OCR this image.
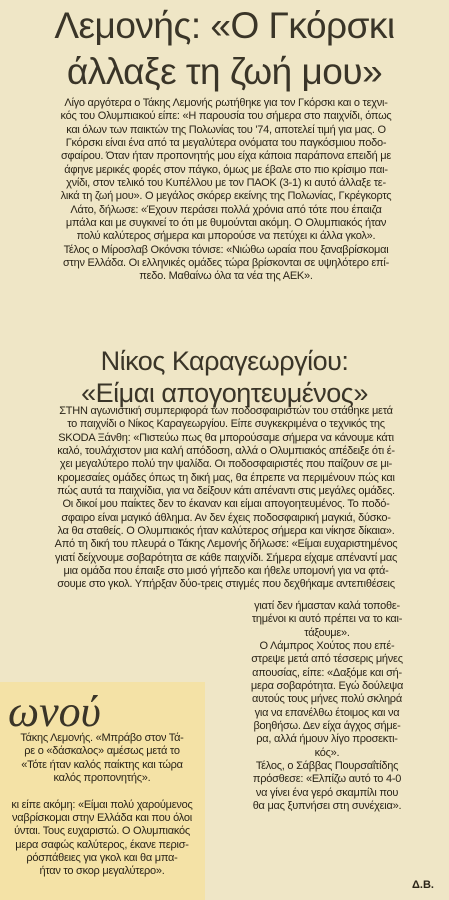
Λεμονής: «Ο Γκόρσκι
άλλαξε τη ζωή μου»
Λίγο αργότερα ο Τάκης Λεμονής ρωτήθηκε για τον Γκόρσκι και ο τεχνι-
κός του Ολυμπιακού είπε: «Η παρουσία του σήμερα στο παιχνίδι, όπως
και όλων των παικτών της Πολωνίας του '74, αποτελεί τιμή για μας. Ο
Γκόρσκι είναι ένα από τα μεγαλύτερα ονόματα του παγκόσμιου ποδο-
σφαίρου. Όταν ήταν προπονητής μου είχα κάποια παράπονα επειδή με
άφηνε μερικές φορές στον πάγκο, όμως με έβαλε στο πιο κρίσιμο παι-
χνίδι, στον τελικό του Κυπέλλου με τον ΠΑΟΚ (3-1) κι αυτό άλλαξε τε-
λικά τη ζωή μου». Ο μεγάλος σκόρερ εκείνης της Πολωνίας, Γκρέγκορτς
Λάτο, δήλωσε: «Έχουν περάσει πολλά χρόνια από τότε που έπαιζα
μπάλα και με συγκινεί το ότι με θυμούνται ακόμη. Ο Ολυμπιακός ήταν
πολύ καλύτερος σήμερα και μπορούσε να πετύχει κι άλλα γκολ».
Τέλος ο Μίροσλαβ Οκόνσκι τόνισε: «Νιώθω ωραία που ξαναβρίσκομαι
στην Ελλάδα. Οι ελληνικές ομάδες τώρα βρίσκονται σε υψηλότερο επί-
πεδο. Μαθαίνω όλα τα νέα της ΑΕΚ».
Νίκος Καραγεωργίου:
«Είμαι απογοητευμένος»
ΣΤΗΝ αγωνιστική συμπεριφορά των ποδοσφαιριστών του στάθηκε μετά
το παιχνίδι ο Νίκος Καραγεωργίου. Είπε συγκεκριμένα ο τεχνικός της
SKODA Ξάνθη: «Πιστεύω πως θα μπορούσαμε σήμερα να κάνουμε κάτι
καλό, τουλάχιστον μια καλή απόδοση, αλλά ο Ολυμπιακός απέδειξε ότι έ-
χει μεγαλύτερο πολύ την ψαλίδα. Οι ποδοσφαιριστές που παίζουν σε μι-
κρομεσαίες ομάδες όπως τη δική μας, θα έπρεπε να περιμένουν πώς και
πώς αυτά τα παιχνίδια, για να δείξουν κάτι απέναντι στις μεγάλες ομάδες.
Οι δικοί μου παίκτες δεν το έκαναν και είμαι απογοητευμένος. Το ποδό-
σφαιρο είναι μαγικό άθλημα. Αν δεν έχεις ποδοσφαιρική μαγκιά, δύσκο-
λα θα σταθείς. Ο Ολυμπιακός ήταν καλύτερος σήμερα και νίκησε δίκαια».
Από τη δική του πλευρά ο Τάκης Λεμονής δήλωσε: «Είμαι ευχαριστημένος
γιατί δείχνουμε σοβαρότητα σε κάθε παιχνίδι. Σήμερα είχαμε απέναντί μας
μια ομάδα που έπαιξε στο μισό γήπεδο και ήθελε υπομονή για να φτά-
σουμε στο γκολ. Υπήρξαν δύο-τρεις στιγμές που δεχθήκαμε αντεπιθέσεις
γιατί δεν ήμασταν καλά τοποθε-
τημένοι κι αυτό πρέπει να το και-
τάξουμε».
Ο Λάμπρος Χούτος που επέ-
στρεψε μετά από τέσσερις μήνες
απουσίας, είπε: «Δαξόμε και σή-
μερα σοβαρότητα. Εγώ δούλεψα
αυτούς τους μήνες πολύ σκληρά
για να επανέλθω έτοιμος και να
βοηθήσω. Δεν είχα άγχος σήμε-
ρα, αλλά ήμουν λίγο προσεκτι-
κός».
Τέλος, ο Σάββας Πουρσαΐτίδης
πρόσθεσε: «Ελπίζω αυτό το 4-0
να γίνει ένα γερό σκαμπίλι που
θα μας ξυπνήσει στη συνέχεια».
ωνού
Τάκης Λεμονής. «Μπράβο στον Τά-
ρε ο «δάσκαλος» αμέσως μετά το
«Τότε ήταν καλός παίκτης και τώρα
καλός προπονητής».
κι είπε ακόμη: «Είμαι πολύ χαρούμενος
ναβρίσκομαι στην Ελλάδα και που όλοι
ύνται. Τους ευχαριστώ. Ο Ολυμπιακός
μερα σαφώς καλύτερος, έκανε περισ-
ρόσπάθειες για γκολ και θα μπα-
ήταν το σκορ μεγαλύτερο».
Δ.Β.
